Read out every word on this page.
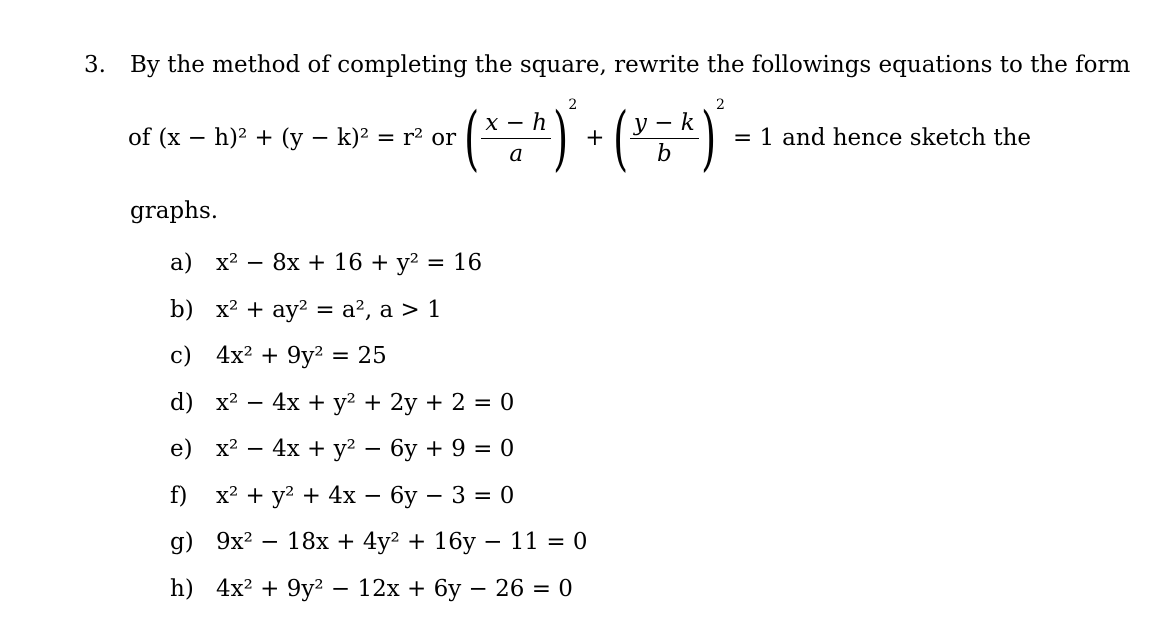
3. By the method of completing the square, rewrite the followings equations to the form
of (x − h)² + (y − k)² = r² or ( $\frac{x - h}{a}$ ) 2
+ ( $\frac{y - k}{b}$ ) 2
= 1 and hence sketch the
graphs.
a)	x² − 8x + 16 + y² = 16
b) x² + ay² = a², a > 1
c)	4x² + 9y² = 25
d) x² − 4x + y² + 2y + 2 = 0
e)	x² − 4x + y² − 6y + 9 = 0
f)	x² + y² + 4x − 6y − 3 = 0
g) 9x² − 18x + 4y² + 16y − 11 = 0
h) 4x² + 9y² − 12x + 6y − 26 = 0
